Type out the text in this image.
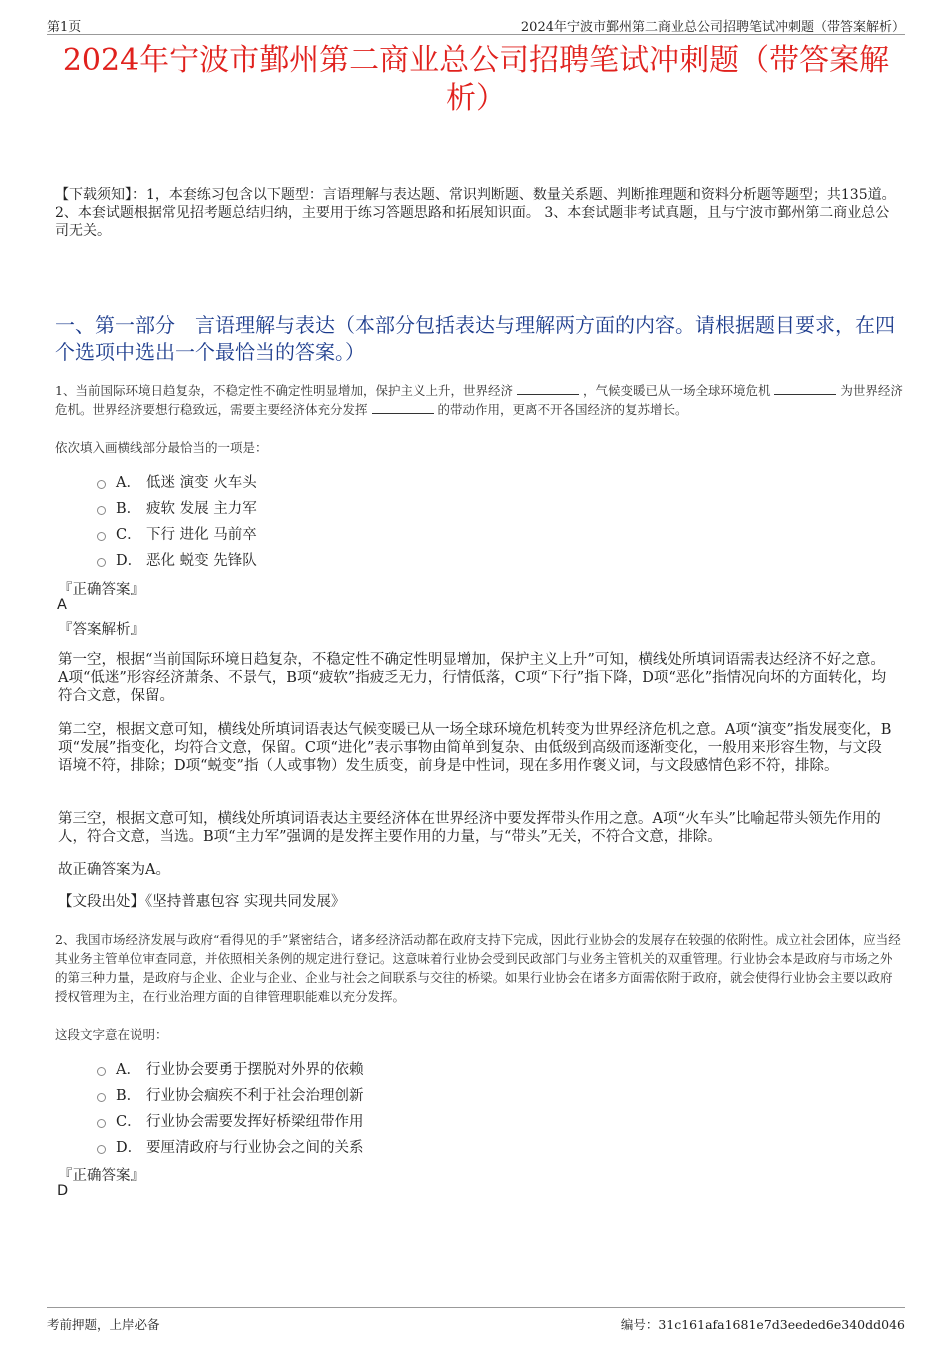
第1页	2024年宁波市鄞州第二商业总公司招聘笔试冲刺题（带答案解析）
2024年宁波市鄞州第二商业总公司招聘笔试冲刺题（带答案解析）
【下载须知】：1，本套练习包含以下题型：言语理解与表达题、常识判断题、数量关系题、判断推理题和资料分析题等题型；共135道。 2、本套试题根据常见招考题总结归纳，主要用于练习答题思路和拓展知识面。 3、本套试题非考试真题，且与宁波市鄞州第二商业总公司无关。
一、第一部分　言语理解与表达（本部分包括表达与理解两方面的内容。请根据题目要求，在四个选项中选出一个最恰当的答案。）
1、当前国际环境日趋复杂，不稳定性不确定性明显增加，保护主义上升，世界经济	，气候变暖已从一场全球环境危机	为世界经济危机。世界经济要想行稳致远，需要主要经济体充分发挥	的带动作用，更离不开各国经济的复苏增长。
依次填入画横线部分最恰当的一项是：
A． 低迷 演变 火车头
B． 疲软 发展 主力军
C． 下行 进化 马前卒
D． 恶化 蜕变 先锋队
『正确答案』
A
『答案解析』
第一空，根据“当前国际环境日趋复杂，不稳定性不确定性明显增加，保护主义上升”可知，横线处所填词语需表达经济不好之意。A项“低迷”形容经济萧条、不景气，B项“疲软”指疲乏无力，行情低落，C项“下行”指下降，D项“恶化”指情况向坏的方面转化，均符合文意，保留。
第二空，根据文意可知，横线处所填词语表达气候变暖已从一场全球环境危机转变为世界经济危机之意。A项“演变”指发展变化，B项“发展”指变化，均符合文意，保留。C项“进化”表示事物由简单到复杂、由低级到高级而逐渐变化，一般用来形容生物，与文段语境不符，排除；D项“蜕变”指（人或事物）发生质变，前身是中性词，现在多用作褒义词，与文段感情色彩不符，排除。
第三空，根据文意可知，横线处所填词语表达主要经济体在世界经济中要发挥带头作用之意。A项“火车头”比喻起带头领先作用的人，符合文意，当选。B项“主力军”强调的是发挥主要作用的力量，与“带头”无关，不符合文意，排除。
故正确答案为A。
【文段出处】《坚持普惠包容 实现共同发展》
2、我国市场经济发展与政府“看得见的手”紧密结合，诸多经济活动都在政府支持下完成，因此行业协会的发展存在较强的依附性。成立社会团体，应当经其业务主管单位审查同意，并依照相关条例的规定进行登记。这意味着行业协会受到民政部门与业务主管机关的双重管理。行业协会本是政府与市场之外的第三种力量，是政府与企业、企业与企业、企业与社会之间联系与交往的桥梁。如果行业协会在诸多方面需依附于政府，就会使得行业协会主要以政府授权管理为主，在行业治理方面的自律管理职能难以充分发挥。
这段文字意在说明：
A． 行业协会要勇于摆脱对外界的依赖
B． 行业协会痼疾不利于社会治理创新
C． 行业协会需要发挥好桥梁纽带作用
D． 要厘清政府与行业协会之间的关系
『正确答案』
D
考前押题，上岸必备	编号：31c161afa1681e7d3eeded6e340dd046
